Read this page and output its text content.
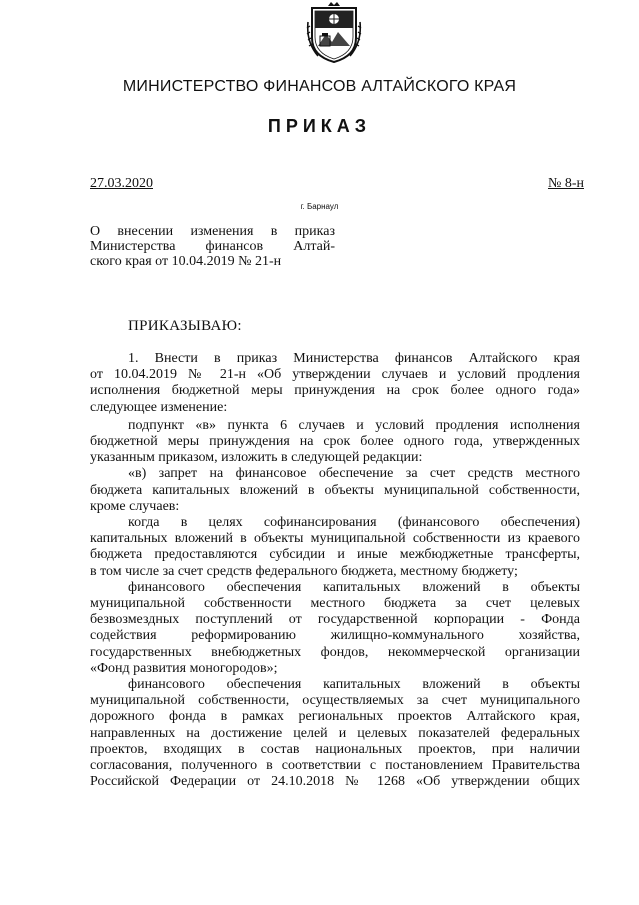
МИНИСТЕРСТВО ФИНАНСОВ АЛТАЙСКОГО КРАЯ
ПРИКАЗ
27.03.2020	№ 8-н
г. Барнаул
О внесении изменения в приказ
Министерства финансов Алтай-
ского края от 10.04.2019 № 21-н
ПРИКАЗЫВАЮ:
1. Внести в приказ Министерства финансов Алтайского края
от 10.04.2019 № 21-н «Об утверждении случаев и условий продления
исполнения бюджетной меры принуждения на срок более одного года»
следующее изменение:
подпункт «в» пункта 6 случаев и условий продления исполнения
бюджетной меры принуждения на срок более одного года, утвержденных
указанным приказом, изложить в следующей редакции:
«в) запрет на финансовое обеспечение за счет средств местного
бюджета капитальных вложений в объекты муниципальной собственности,
кроме случаев:
когда в целях софинансирования (финансового обеспечения)
капитальных вложений в объекты муниципальной собственности из краевого
бюджета предоставляются субсидии и иные межбюджетные трансферты,
в том числе за счет средств федерального бюджета, местному бюджету;
финансового обеспечения капитальных вложений в объекты
муниципальной собственности местного бюджета за счет целевых
безвозмездных поступлений от государственной корпорации - Фонда
содействия реформированию жилищно-коммунального хозяйства,
государственных внебюджетных фондов, некоммерческой организации
«Фонд развития моногородов»;
финансового обеспечения капитальных вложений в объекты
муниципальной собственности, осуществляемых за счет муниципального
дорожного фонда в рамках региональных проектов Алтайского края,
направленных на достижение целей и целевых показателей федеральных
проектов, входящих в состав национальных проектов, при наличии
согласования, полученного в соответствии с постановлением Правительства
Российской Федерации от 24.10.2018 № 1268 «Об утверждении общих
